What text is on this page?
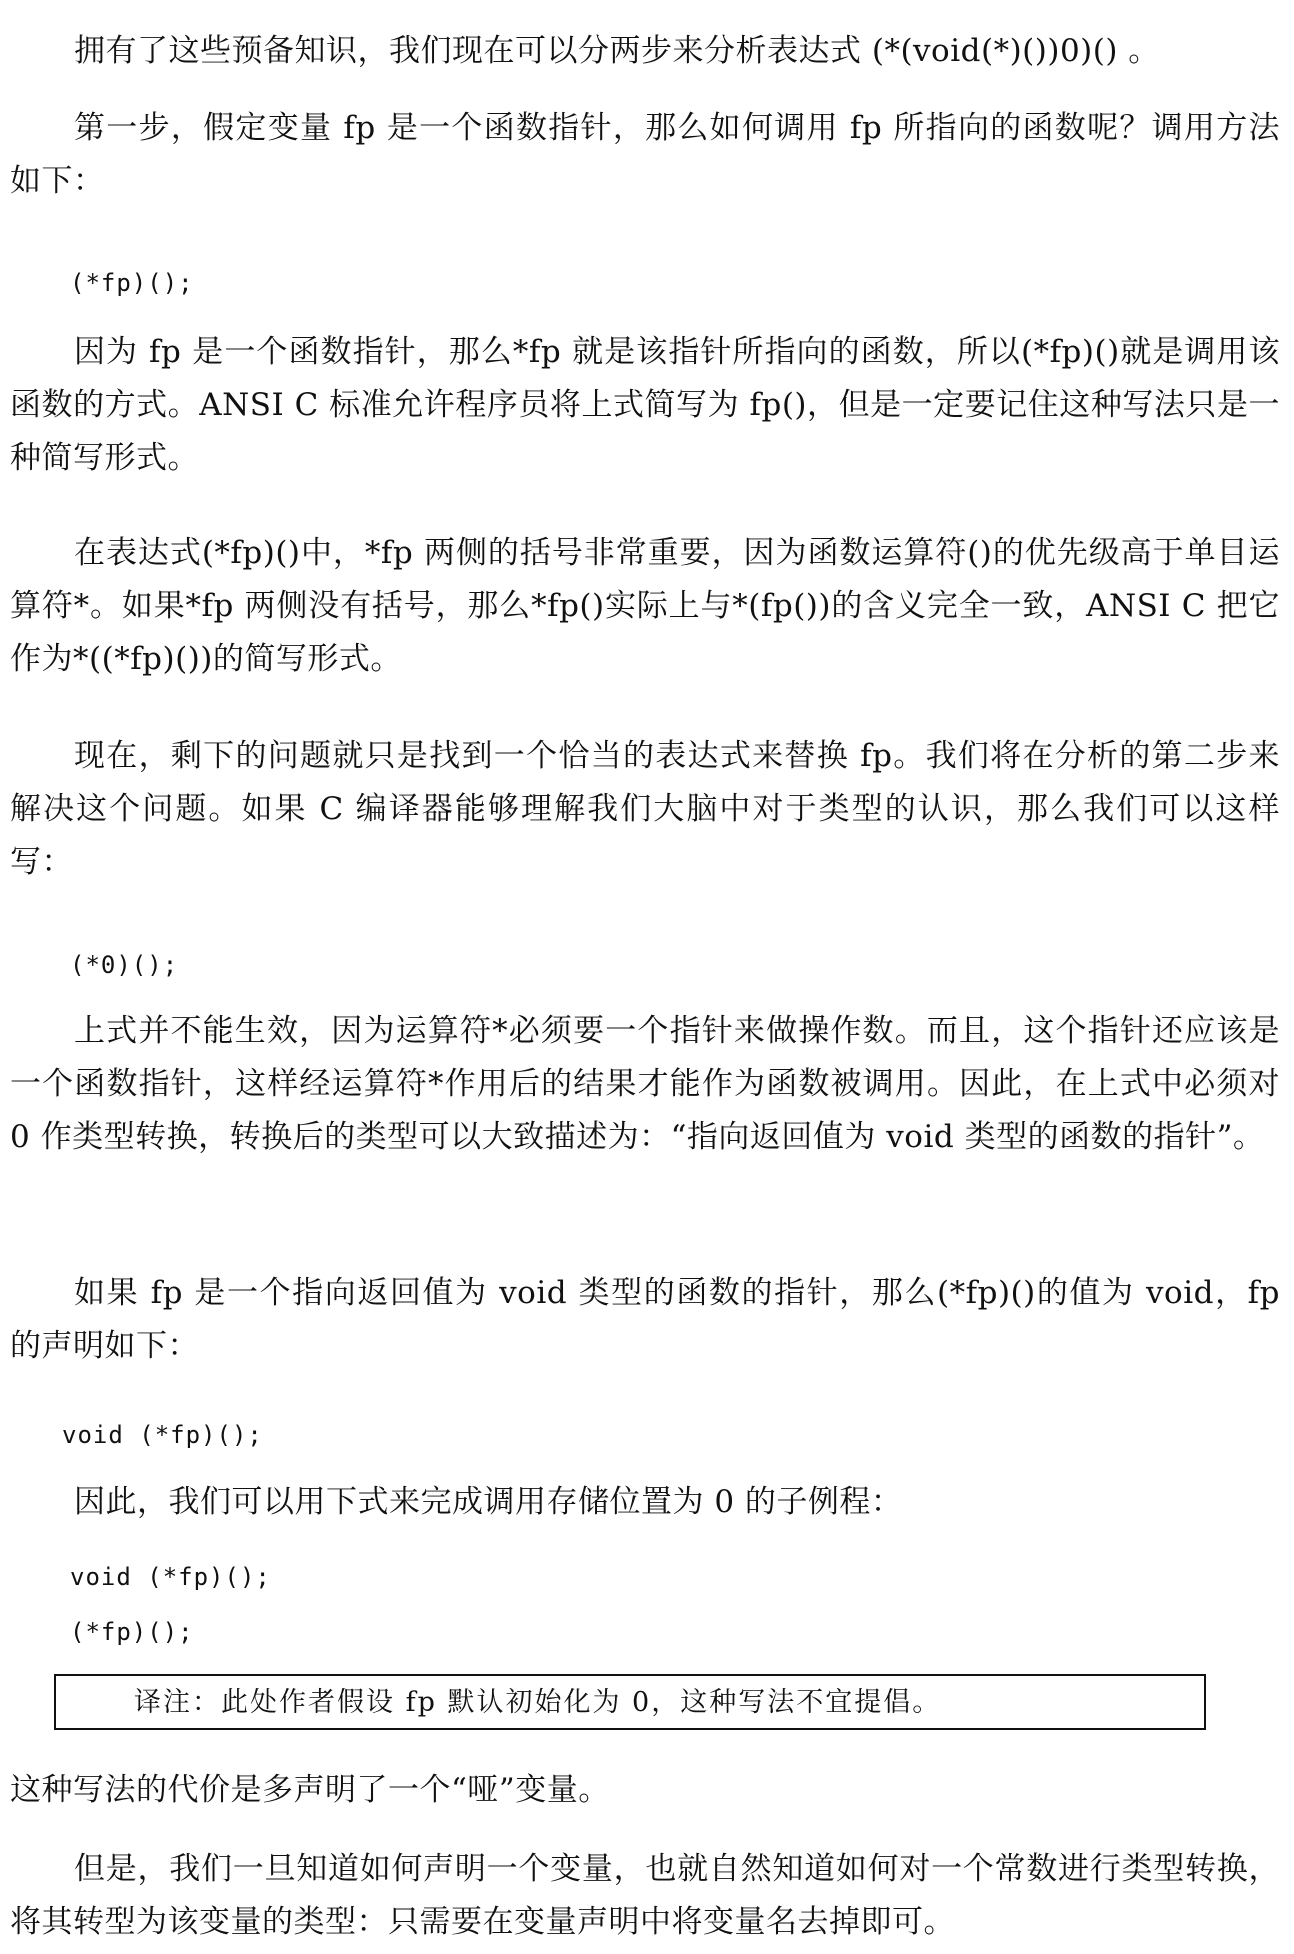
拥有了这些预备知识，我们现在可以分两步来分析表达式 (*(void(*)())0)() 。

第一步，假定变量 fp 是一个函数指针，那么如何调用 fp 所指向的函数呢？调用方法如下：

(*fp)();

因为 fp 是一个函数指针，那么*fp 就是该指针所指向的函数，所以(*fp)()就是调用该函数的方式。ANSI C 标准允许程序员将上式简写为 fp()，但是一定要记住这种写法只是一种简写形式。

在表达式(*fp)()中，*fp 两侧的括号非常重要，因为函数运算符()的优先级高于单目运算符*。如果*fp 两侧没有括号，那么*fp()实际上与*(fp())的含义完全一致，ANSI C 把它作为*((*fp)())的简写形式。

现在，剩下的问题就只是找到一个恰当的表达式来替换 fp。我们将在分析的第二步来解决这个问题。如果 C 编译器能够理解我们大脑中对于类型的认识，那么我们可以这样写：

(*0)();

上式并不能生效，因为运算符*必须要一个指针来做操作数。而且，这个指针还应该是一个函数指针，这样经运算符*作用后的结果才能作为函数被调用。因此，在上式中必须对 0 作类型转换，转换后的类型可以大致描述为：“指向返回值为 void 类型的函数的指针”。

如果 fp 是一个指向返回值为 void 类型的函数的指针，那么(*fp)()的值为 void，fp 的声明如下：

void (*fp)();

因此，我们可以用下式来完成调用存储位置为 0 的子例程：

void (*fp)();
(*fp)();

译注：此处作者假设 fp 默认初始化为 0，这种写法不宜提倡。

这种写法的代价是多声明了一个“哑”变量。

但是，我们一旦知道如何声明一个变量，也就自然知道如何对一个常数进行类型转换，将其转型为该变量的类型：只需要在变量声明中将变量名去掉即可。
